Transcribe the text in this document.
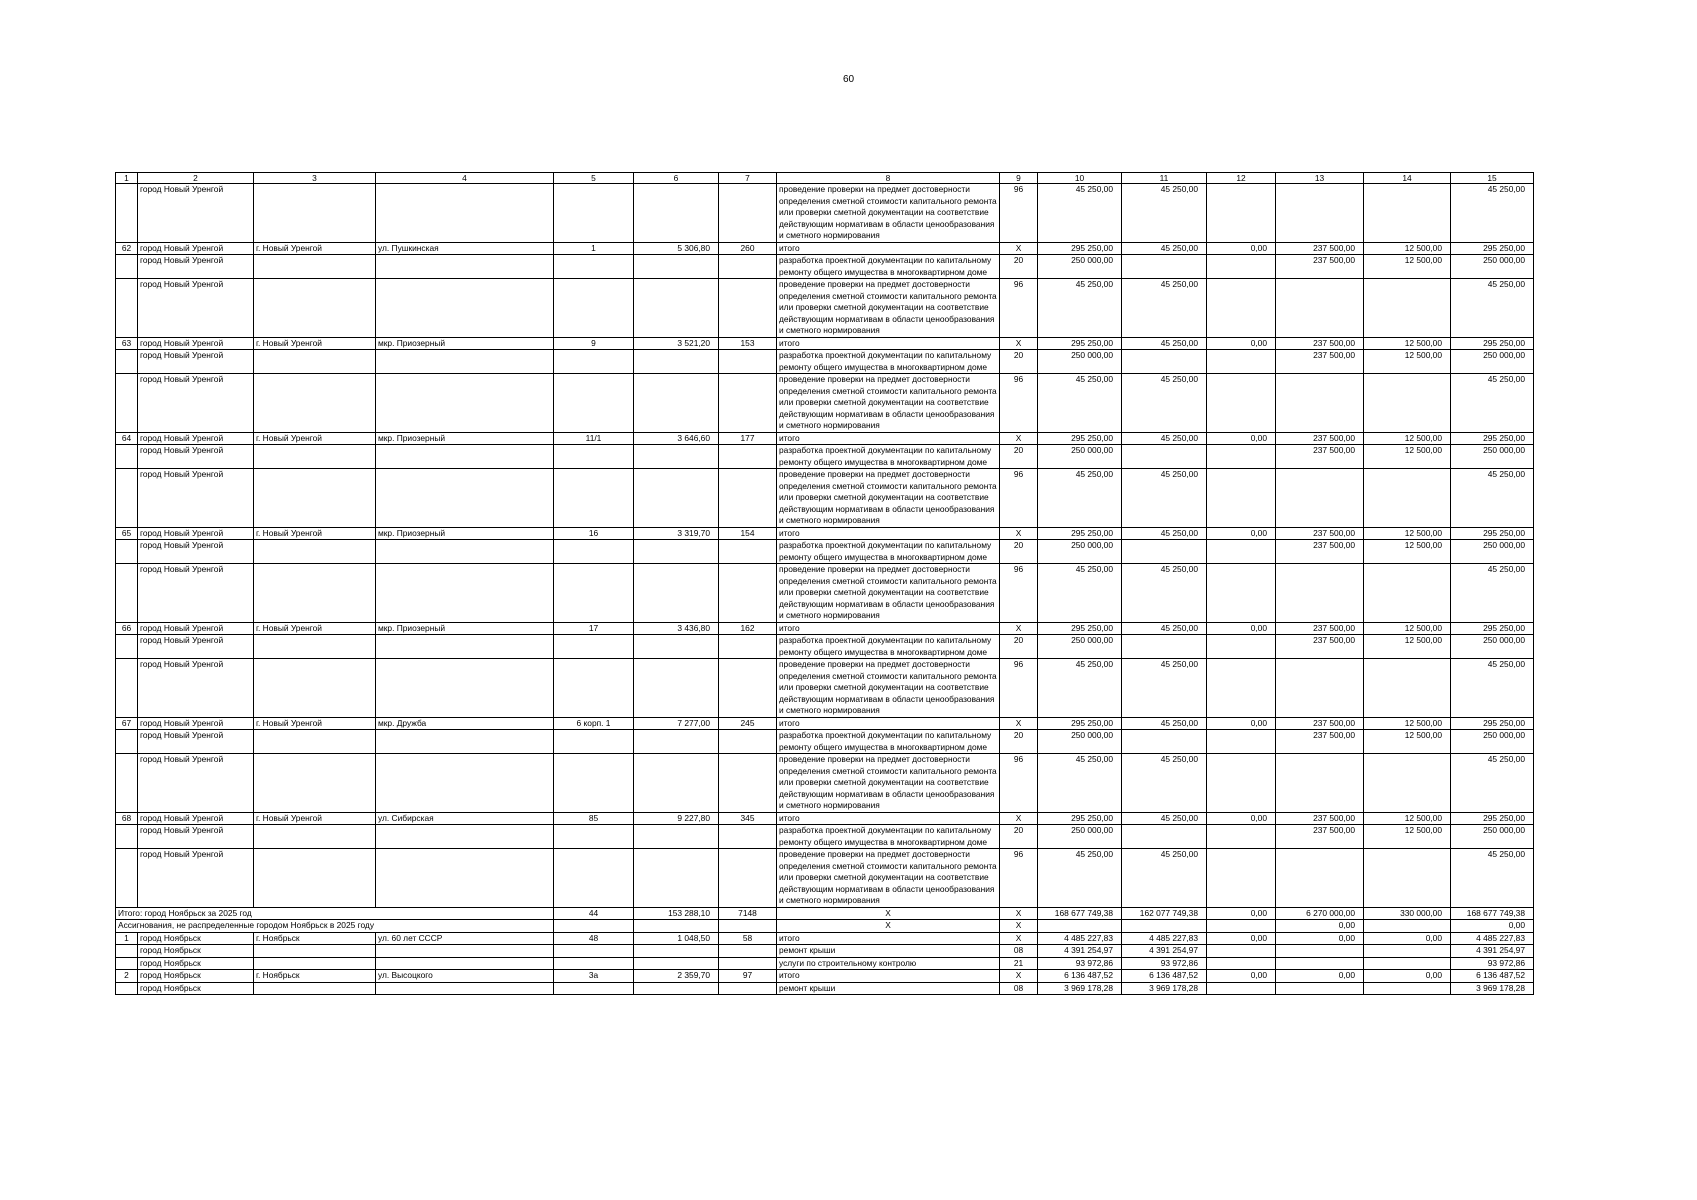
60
1	2	3	4	5	6	7	8	9	10	11	12	13	14	15
	город Новый Уренгой						проведение проверки на предмет достоверности определения сметной стоимости капитального ремонта или проверки сметной документации на соответствие действующим нормативам в области ценообразования и сметного нормирования	96	45 250,00	45 250,00				45 250,00
62	город Новый Уренгой	г. Новый Уренгой	ул. Пушкинская	1	5 306,80	260	итого	X	295 250,00	45 250,00	0,00	237 500,00	12 500,00	295 250,00
	город Новый Уренгой						разработка проектной документации по капитальному ремонту общего имущества в многоквартирном доме	20	250 000,00			237 500,00	12 500,00	250 000,00
	город Новый Уренгой						проведение проверки на предмет достоверности определения сметной стоимости капитального ремонта или проверки сметной документации на соответствие действующим нормативам в области ценообразования и сметного нормирования	96	45 250,00	45 250,00				45 250,00
63	город Новый Уренгой	г. Новый Уренгой	мкр. Приозерный	9	3 521,20	153	итого	X	295 250,00	45 250,00	0,00	237 500,00	12 500,00	295 250,00
	город Новый Уренгой						разработка проектной документации по капитальному ремонту общего имущества в многоквартирном доме	20	250 000,00			237 500,00	12 500,00	250 000,00
	город Новый Уренгой						проведение проверки на предмет достоверности определения сметной стоимости капитального ремонта или проверки сметной документации на соответствие действующим нормативам в области ценообразования и сметного нормирования	96	45 250,00	45 250,00				45 250,00
64	город Новый Уренгой	г. Новый Уренгой	мкр. Приозерный	11/1	3 646,60	177	итого	X	295 250,00	45 250,00	0,00	237 500,00	12 500,00	295 250,00
	город Новый Уренгой						разработка проектной документации по капитальному ремонту общего имущества в многоквартирном доме	20	250 000,00			237 500,00	12 500,00	250 000,00
	город Новый Уренгой						проведение проверки на предмет достоверности определения сметной стоимости капитального ремонта или проверки сметной документации на соответствие действующим нормативам в области ценообразования и сметного нормирования	96	45 250,00	45 250,00				45 250,00
65	город Новый Уренгой	г. Новый Уренгой	мкр. Приозерный	16	3 319,70	154	итого	X	295 250,00	45 250,00	0,00	237 500,00	12 500,00	295 250,00
	город Новый Уренгой						разработка проектной документации по капитальному ремонту общего имущества в многоквартирном доме	20	250 000,00			237 500,00	12 500,00	250 000,00
	город Новый Уренгой						проведение проверки на предмет достоверности определения сметной стоимости капитального ремонта или проверки сметной документации на соответствие действующим нормативам в области ценообразования и сметного нормирования	96	45 250,00	45 250,00				45 250,00
66	город Новый Уренгой	г. Новый Уренгой	мкр. Приозерный	17	3 436,80	162	итого	X	295 250,00	45 250,00	0,00	237 500,00	12 500,00	295 250,00
	город Новый Уренгой						разработка проектной документации по капитальному ремонту общего имущества в многоквартирном доме	20	250 000,00			237 500,00	12 500,00	250 000,00
	город Новый Уренгой						проведение проверки на предмет достоверности определения сметной стоимости капитального ремонта или проверки сметной документации на соответствие действующим нормативам в области ценообразования и сметного нормирования	96	45 250,00	45 250,00				45 250,00
67	город Новый Уренгой	г. Новый Уренгой	мкр. Дружба	6 корп. 1	7 277,00	245	итого	X	295 250,00	45 250,00	0,00	237 500,00	12 500,00	295 250,00
	город Новый Уренгой						разработка проектной документации по капитальному ремонту общего имущества в многоквартирном доме	20	250 000,00			237 500,00	12 500,00	250 000,00
	город Новый Уренгой						проведение проверки на предмет достоверности определения сметной стоимости капитального ремонта или проверки сметной документации на соответствие действующим нормативам в области ценообразования и сметного нормирования	96	45 250,00	45 250,00				45 250,00
68	город Новый Уренгой	г. Новый Уренгой	ул. Сибирская	85	9 227,80	345	итого	X	295 250,00	45 250,00	0,00	237 500,00	12 500,00	295 250,00
	город Новый Уренгой						разработка проектной документации по капитальному ремонту общего имущества в многоквартирном доме	20	250 000,00			237 500,00	12 500,00	250 000,00
	город Новый Уренгой						проведение проверки на предмет достоверности определения сметной стоимости капитального ремонта или проверки сметной документации на соответствие действующим нормативам в области ценообразования и сметного нормирования	96	45 250,00	45 250,00				45 250,00
Итого: город Ноябрьск за 2025 год				44	153 288,10	7148	X	X	168 677 749,38	162 077 749,38	0,00	6 270 000,00	330 000,00	168 677 749,38
Ассигнования, не распределенные городом Ноябрьск в 2025 году							X	X				0,00		0,00
1	город Ноябрьск	г. Ноябрьск	ул. 60 лет СССР	48	1 048,50	58	итого	X	4 485 227,83	4 485 227,83	0,00	0,00	0,00	4 485 227,83
	город Ноябрьск						ремонт крыши	08	4 391 254,97	4 391 254,97				4 391 254,97
	город Ноябрьск						услуги по строительному контролю	21	93 972,86	93 972,86				93 972,86
2	город Ноябрьск	г. Ноябрьск	ул. Высоцкого	3а	2 359,70	97	итого	X	6 136 487,52	6 136 487,52	0,00	0,00	0,00	6 136 487,52
	город Ноябрьск						ремонт крыши	08	3 969 178,28	3 969 178,28				3 969 178,28
